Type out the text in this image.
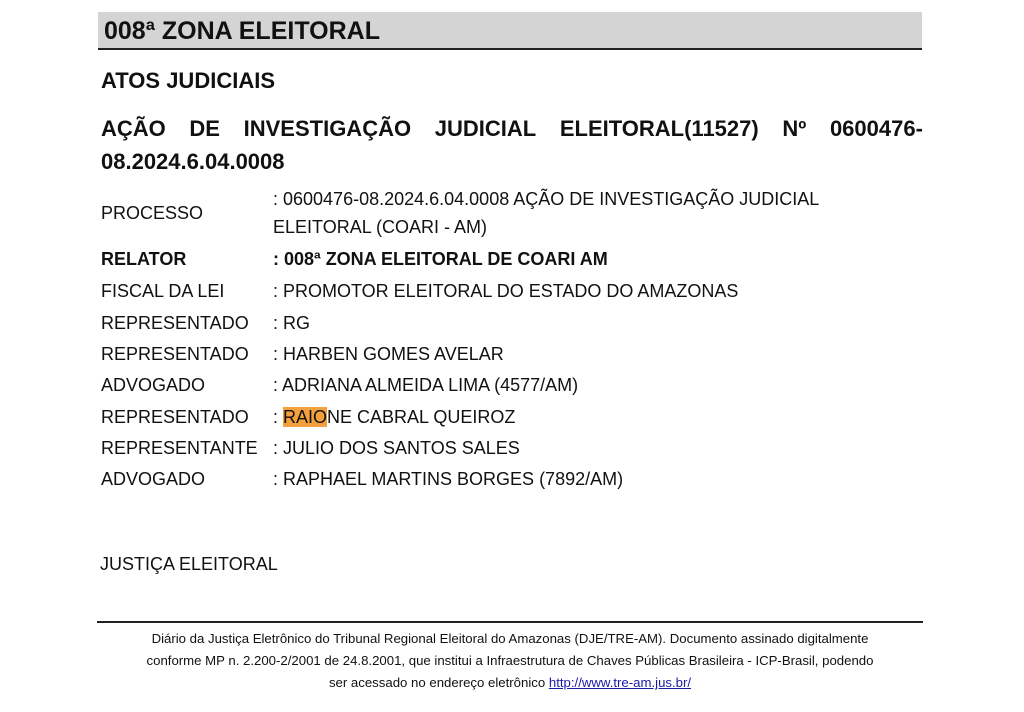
008ª ZONA ELEITORAL
ATOS JUDICIAIS
AÇÃO DE INVESTIGAÇÃO JUDICIAL ELEITORAL(11527) Nº 0600476-
08.2024.6.04.0008
PROCESSO
: 0600476-08.2024.6.04.0008 AÇÃO DE INVESTIGAÇÃO JUDICIAL
ELEITORAL (COARI - AM)
RELATOR	: 008ª ZONA ELEITORAL DE COARI AM
FISCAL DA LEI	: PROMOTOR ELEITORAL DO ESTADO DO AMAZONAS
REPRESENTADO : RG
REPRESENTADO : HARBEN GOMES AVELAR
ADVOGADO	: ADRIANA ALMEIDA LIMA (4577/AM)
REPRESENTADO : RAIONE CABRAL QUEIROZ
REPRESENTANTE : JULIO DOS SANTOS SALES
ADVOGADO	: RAPHAEL MARTINS BORGES (7892/AM)
JUSTIÇA ELEITORAL
Diário da Justiça Eletrônico do Tribunal Regional Eleitoral do Amazonas (DJE/TRE-AM). Documento assinado digitalmente
conforme MP n. 2.200-2/2001 de 24.8.2001, que institui a Infraestrutura de Chaves Públicas Brasileira - ICP-Brasil, podendo
ser acessado no endereço eletrônico http://www.tre-am.jus.br/
